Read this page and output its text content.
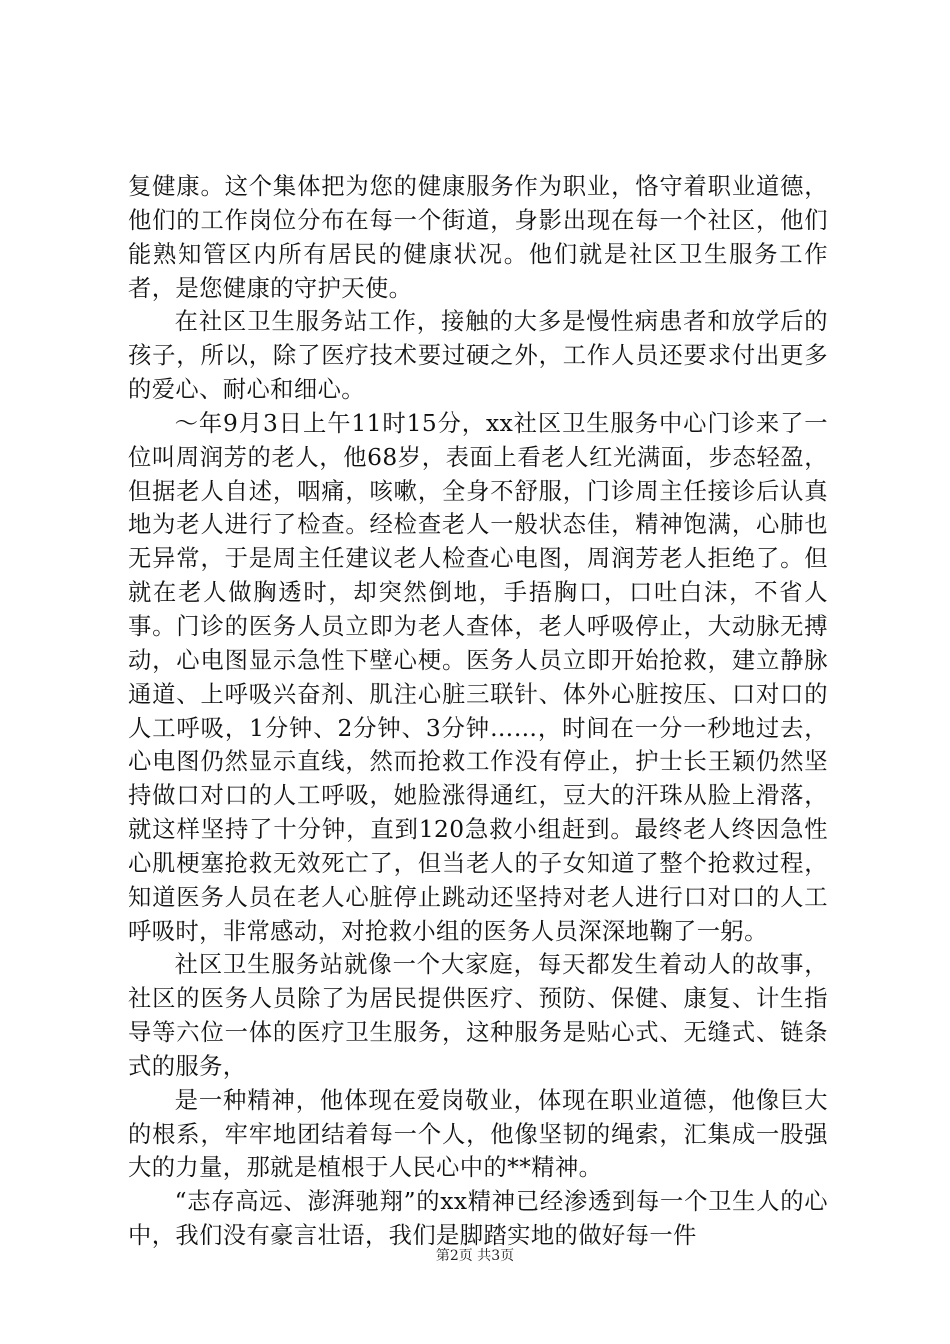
复健康。这个集体把为您的健康服务作为职业，恪守着职业道德，他们的工作岗位分布在每一个街道，身影出现在每一个社区，他们能熟知管区内所有居民的健康状况。他们就是社区卫生服务工作者，是您健康的守护天使。

在社区卫生服务站工作，接触的大多是慢性病患者和放学后的孩子，所以，除了医疗技术要过硬之外，工作人员还要求付出更多的爱心、耐心和细心。

～年9月3日上午11时15分，xx社区卫生服务中心门诊来了一位叫周润芳的老人，他68岁，表面上看老人红光满面，步态轻盈，但据老人自述，咽痛，咳嗽，全身不舒服，门诊周主任接诊后认真地为老人进行了检查。经检查老人一般状态佳，精神饱满，心肺也无异常，于是周主任建议老人检查心电图，周润芳老人拒绝了。但就在老人做胸透时，却突然倒地，手捂胸口，口吐白沫，不省人事。门诊的医务人员立即为老人查体，老人呼吸停止，大动脉无搏动，心电图显示急性下壁心梗。医务人员立即开始抢救，建立静脉通道、上呼吸兴奋剂、肌注心脏三联针、体外心脏按压、口对口的人工呼吸，1分钟、2分钟、3分钟……，时间在一分一秒地过去，心电图仍然显示直线，然而抢救工作没有停止，护士长王颖仍然坚持做口对口的人工呼吸，她脸涨得通红，豆大的汗珠从脸上滑落，就这样坚持了十分钟，直到120急救小组赶到。最终老人终因急性心肌梗塞抢救无效死亡了，但当老人的子女知道了整个抢救过程，知道医务人员在老人心脏停止跳动还坚持对老人进行口对口的人工呼吸时，非常感动，对抢救小组的医务人员深深地鞠了一躬。

社区卫生服务站就像一个大家庭，每天都发生着动人的故事，社区的医务人员除了为居民提供医疗、预防、保健、康复、计生指导等六位一体的医疗卫生服务，这种服务是贴心式、无缝式、链条式的服务，

是一种精神，他体现在爱岗敬业，体现在职业道德，他像巨大的根系，牢牢地团结着每一个人，他像坚韧的绳索，汇集成一股强大的力量，那就是植根于人民心中的**精神。

“志存高远、澎湃驰翔”的xx精神已经渗透到每一个卫生人的心中，我们没有豪言壮语，我们是脚踏实地的做好每一件

第2页 共3页
